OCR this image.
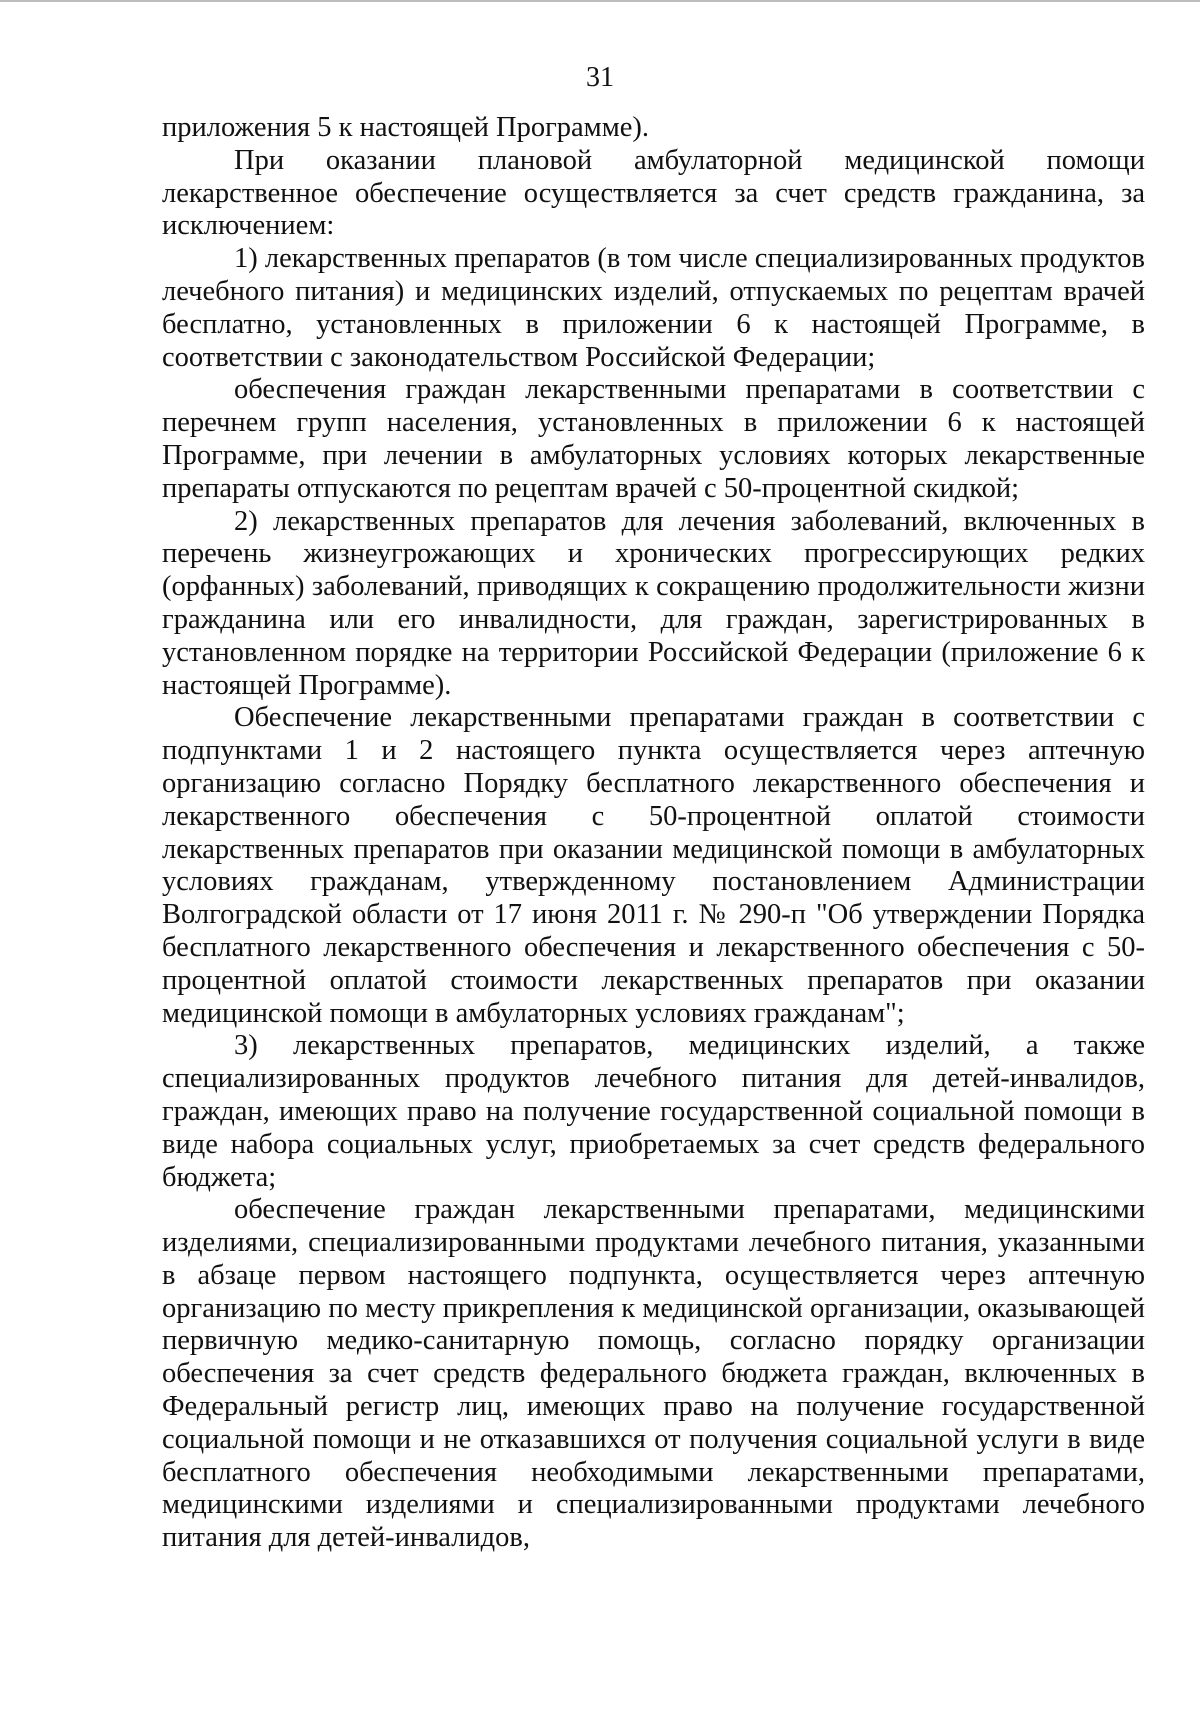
31

приложения 5 к настоящей Программе).

При оказании плановой амбулаторной медицинской помощи лекарственное обеспечение осуществляется за счет средств гражданина, за исключением:

1) лекарственных препаратов (в том числе специализированных продуктов лечебного питания) и медицинских изделий, отпускаемых по рецептам врачей бесплатно, установленных в приложении 6 к настоящей Программе, в соответствии с законодательством Российской Федерации;

обеспечения граждан лекарственными препаратами в соответствии с перечнем групп населения, установленных в приложении 6 к настоящей Программе, при лечении в амбулаторных условиях которых лекарственные препараты отпускаются по рецептам врачей с 50-процентной скидкой;

2) лекарственных препаратов для лечения заболеваний, включенных в перечень жизнеугрожающих и хронических прогрессирующих редких (орфанных) заболеваний, приводящих к сокращению продолжительности жизни гражданина или его инвалидности, для граждан, зарегистрированных в установленном порядке на территории Российской Федерации (приложение 6 к настоящей Программе).

Обеспечение лекарственными препаратами граждан в соответствии с подпунктами 1 и 2 настоящего пункта осуществляется через аптечную организацию согласно Порядку бесплатного лекарственного обеспечения и лекарственного обеспечения с 50-процентной оплатой стоимости лекарственных препаратов при оказании медицинской помощи в амбулаторных условиях гражданам, утвержденному постановлением Администрации Волгоградской области от 17 июня 2011 г. № 290-п "Об утверждении Порядка бесплатного лекарственного обеспечения и лекарственного обеспечения с 50-процентной оплатой стоимости лекарственных препаратов при оказании медицинской помощи в амбулаторных условиях гражданам";

3) лекарственных препаратов, медицинских изделий, а также специализированных продуктов лечебного питания для детей-инвалидов, граждан, имеющих право на получение государственной социальной помощи в виде набора социальных услуг, приобретаемых за счет средств федерального бюджета;

обеспечение граждан лекарственными препаратами, медицинскими изделиями, специализированными продуктами лечебного питания, указанными в абзаце первом настоящего подпункта, осуществляется через аптечную организацию по месту прикрепления к медицинской организации, оказывающей первичную медико-санитарную помощь, согласно порядку организации обеспечения за счет средств федерального бюджета граждан, включенных в Федеральный регистр лиц, имеющих право на получение государственной социальной помощи и не отказавшихся от получения социальной услуги в виде бесплатного обеспечения необходимыми лекарственными препаратами, медицинскими изделиями и специализированными продуктами лечебного питания для детей-инвалидов,
